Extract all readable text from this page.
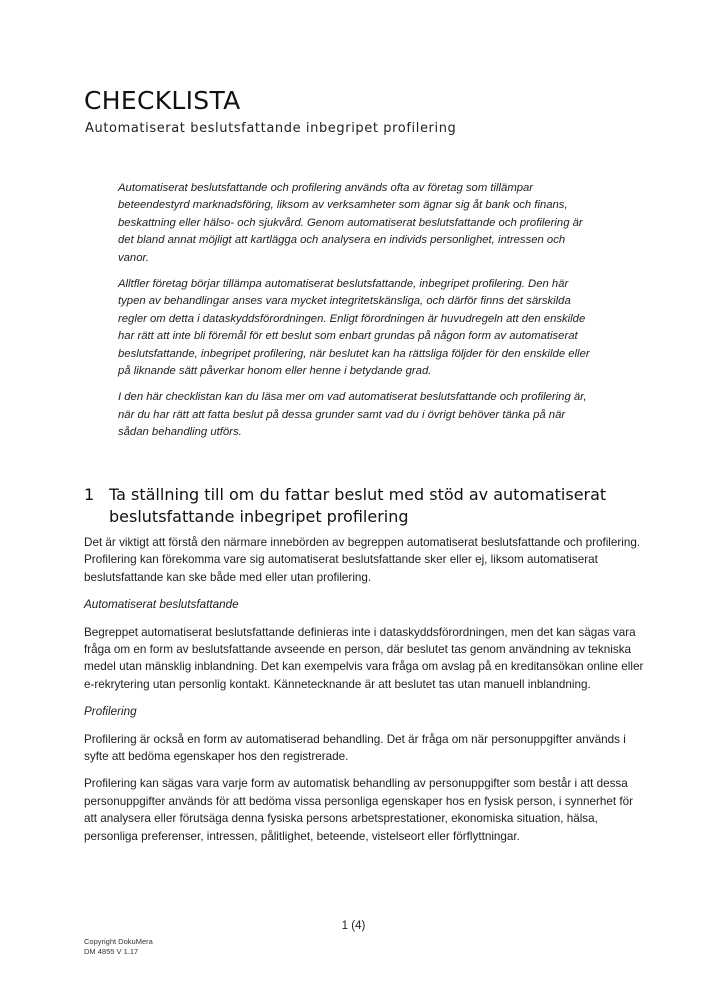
CHECKLISTA
Automatiserat beslutsfattande inbegripet profilering

Automatiserat beslutsfattande och profilering används ofta av företag som tillämpar beteendestyrd marknadsföring, liksom av verksamheter som ägnar sig åt bank och finans, beskattning eller hälso- och sjukvård. Genom automatiserat beslutsfattande och profilering är det bland annat möjligt att kartlägga och analysera en individs personlighet, intressen och vanor.

Alltfler företag börjar tillämpa automatiserat beslutsfattande, inbegripet profilering. Den här typen av behandlingar anses vara mycket integritetskänsliga, och därför finns det särskilda regler om detta i dataskyddsförordningen. Enligt förordningen är huvudregeln att den enskilde har rätt att inte bli föremål för ett beslut som enbart grundas på någon form av automatiserat beslutsfattande, inbegripet profilering, när beslutet kan ha rättsliga följder för den enskilde eller på liknande sätt påverkar honom eller henne i betydande grad.

I den här checklistan kan du läsa mer om vad automatiserat beslutsfattande och profilering är, när du har rätt att fatta beslut på dessa grunder samt vad du i övrigt behöver tänka på när sådan behandling utförs.

1 Ta ställning till om du fattar beslut med stöd av automatiserat beslutsfattande inbegripet profilering

Det är viktigt att förstå den närmare innebörden av begreppen automatiserat beslutsfattande och profilering. Profilering kan förekomma vare sig automatiserat beslutsfattande sker eller ej, liksom automatiserat beslutsfattande kan ske både med eller utan profilering.

Automatiserat beslutsfattande

Begreppet automatiserat beslutsfattande definieras inte i dataskyddsförordningen, men det kan sägas vara fråga om en form av beslutsfattande avseende en person, där beslutet tas genom användning av tekniska medel utan mänsklig inblandning. Det kan exempelvis vara fråga om avslag på en kreditansökan online eller e-rekrytering utan personlig kontakt. Kännetecknande är att beslutet tas utan manuell inblandning.

Profilering

Profilering är också en form av automatiserad behandling. Det är fråga om när personuppgifter används i syfte att bedöma egenskaper hos den registrerade.

Profilering kan sägas vara varje form av automatisk behandling av personuppgifter som består i att dessa personuppgifter används för att bedöma vissa personliga egenskaper hos en fysisk person, i synnerhet för att analysera eller förutsäga denna fysiska persons arbetsprestationer, ekonomiska situation, hälsa, personliga preferenser, intressen, pålitlighet, beteende, vistelseort eller förflyttningar.

1 (4)
Copyright DokuMera
DM 4855 V 1.17
